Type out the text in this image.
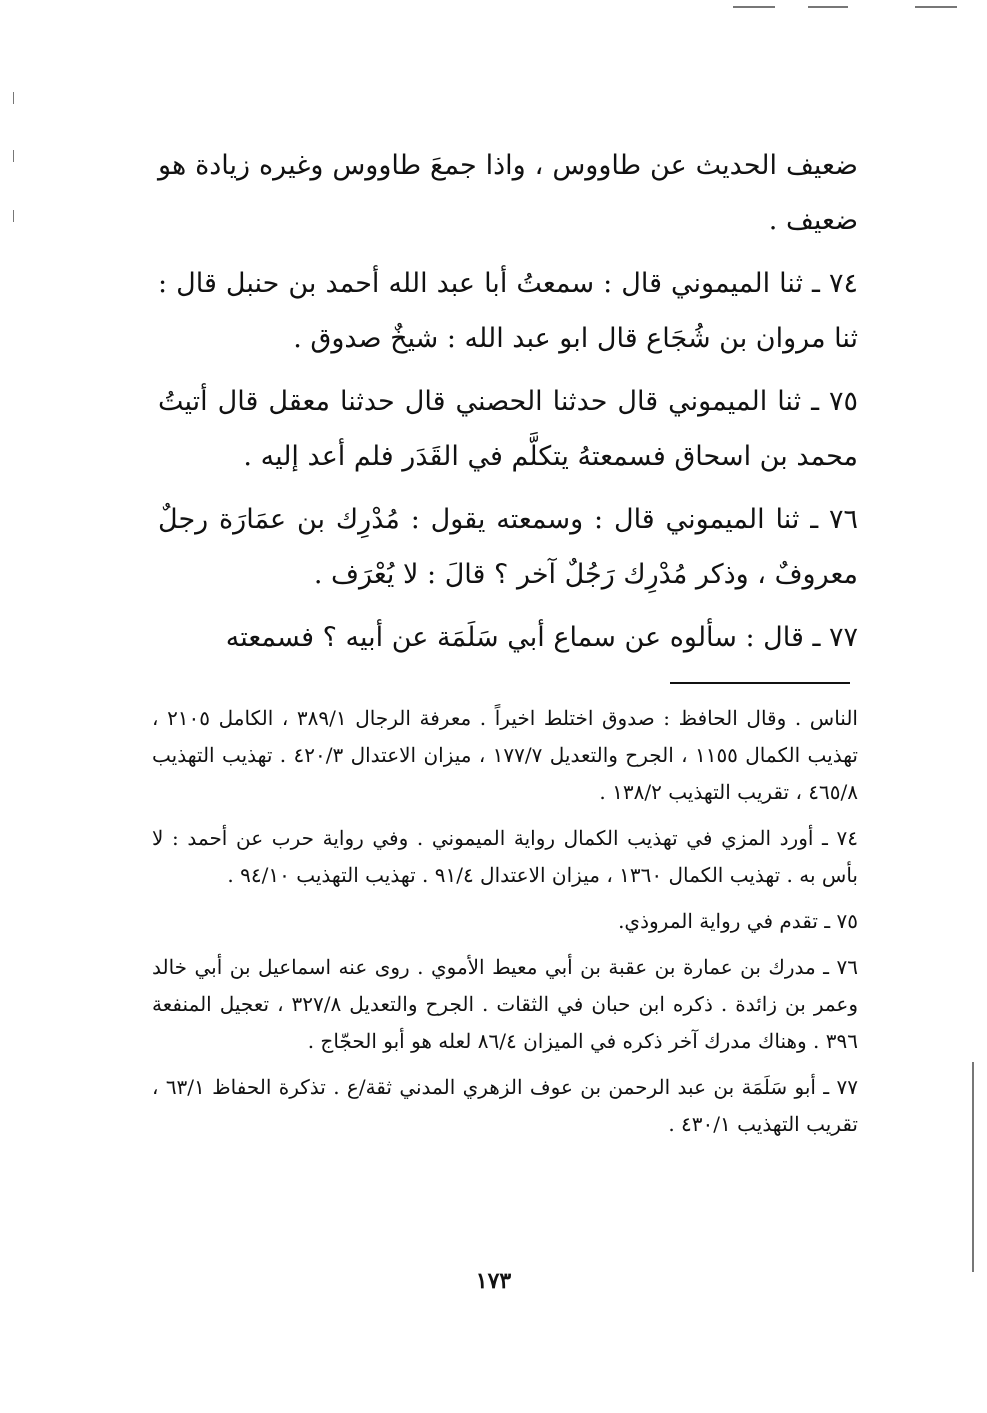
ضعيف الحديث عن طاووس ، واذا جمعَ طاووس وغيره زيادة هو ضعيف .

٧٤ ـ ثنا الميموني قال : سمعتُ أبا عبد الله أحمد بن حنبل قال : ثنا مروان بن شُجَاع قال ابو عبد الله : شيخٌ صدوق .

٧٥ ـ ثنا الميموني قال حدثنا الحصني قال حدثنا معقل قال أتيتُ محمد بن اسحاق فسمعتهُ يتكلَّم في القَدَر فلم أعد إليه .

٧٦ ـ ثنا الميموني قال : وسمعته يقول : مُدْرِك بن عمَارَة رجلٌ معروفٌ ، وذكر مُدْرِك رَجُلٌ آخر ؟ قالَ : لا يُعْرَف .

٧٧ ـ قال : سألوه عن سماع أبي سَلَمَة عن أبيه ؟ فسمعته

الناس . وقال الحافظ : صدوق اختلط اخيراً . معرفة الرجال ٣٨٩/١ ، الكامل ٢١٠٥ ، تهذيب الكمال ١١٥٥ ، الجرح والتعديل ١٧٧/٧ ، ميزان الاعتدال ٤٢٠/٣ . تهذيب التهذيب ٤٦٥/٨ ، تقريب التهذيب ١٣٨/٢ .

٧٤ ـ أورد المزي في تهذيب الكمال رواية الميموني . وفي رواية حرب عن أحمد : لا بأس به . تهذيب الكمال ١٣٦٠ ، ميزان الاعتدال ٩١/٤ . تهذيب التهذيب ٩٤/١٠ .

٧٥ ـ تقدم في رواية المروذي.

٧٦ ـ مدرك بن عمارة بن عقبة بن أبي معيط الأموي . روى عنه اسماعيل بن أبي خالد وعمر بن زائدة . ذكره ابن حبان في الثقات . الجرح والتعديل ٣٢٧/٨ ، تعجيل المنفعة ٣٩٦ . وهناك مدرك آخر ذكره في الميزان ٨٦/٤ لعله هو أبو الحجّاج .

٧٧ ـ أبو سَلَمَة بن عبد الرحمن بن عوف الزهري المدني ثقة/ع . تذكرة الحفاظ ٦٣/١ ، تقريب التهذيب ٤٣٠/١ .

١٧٣
